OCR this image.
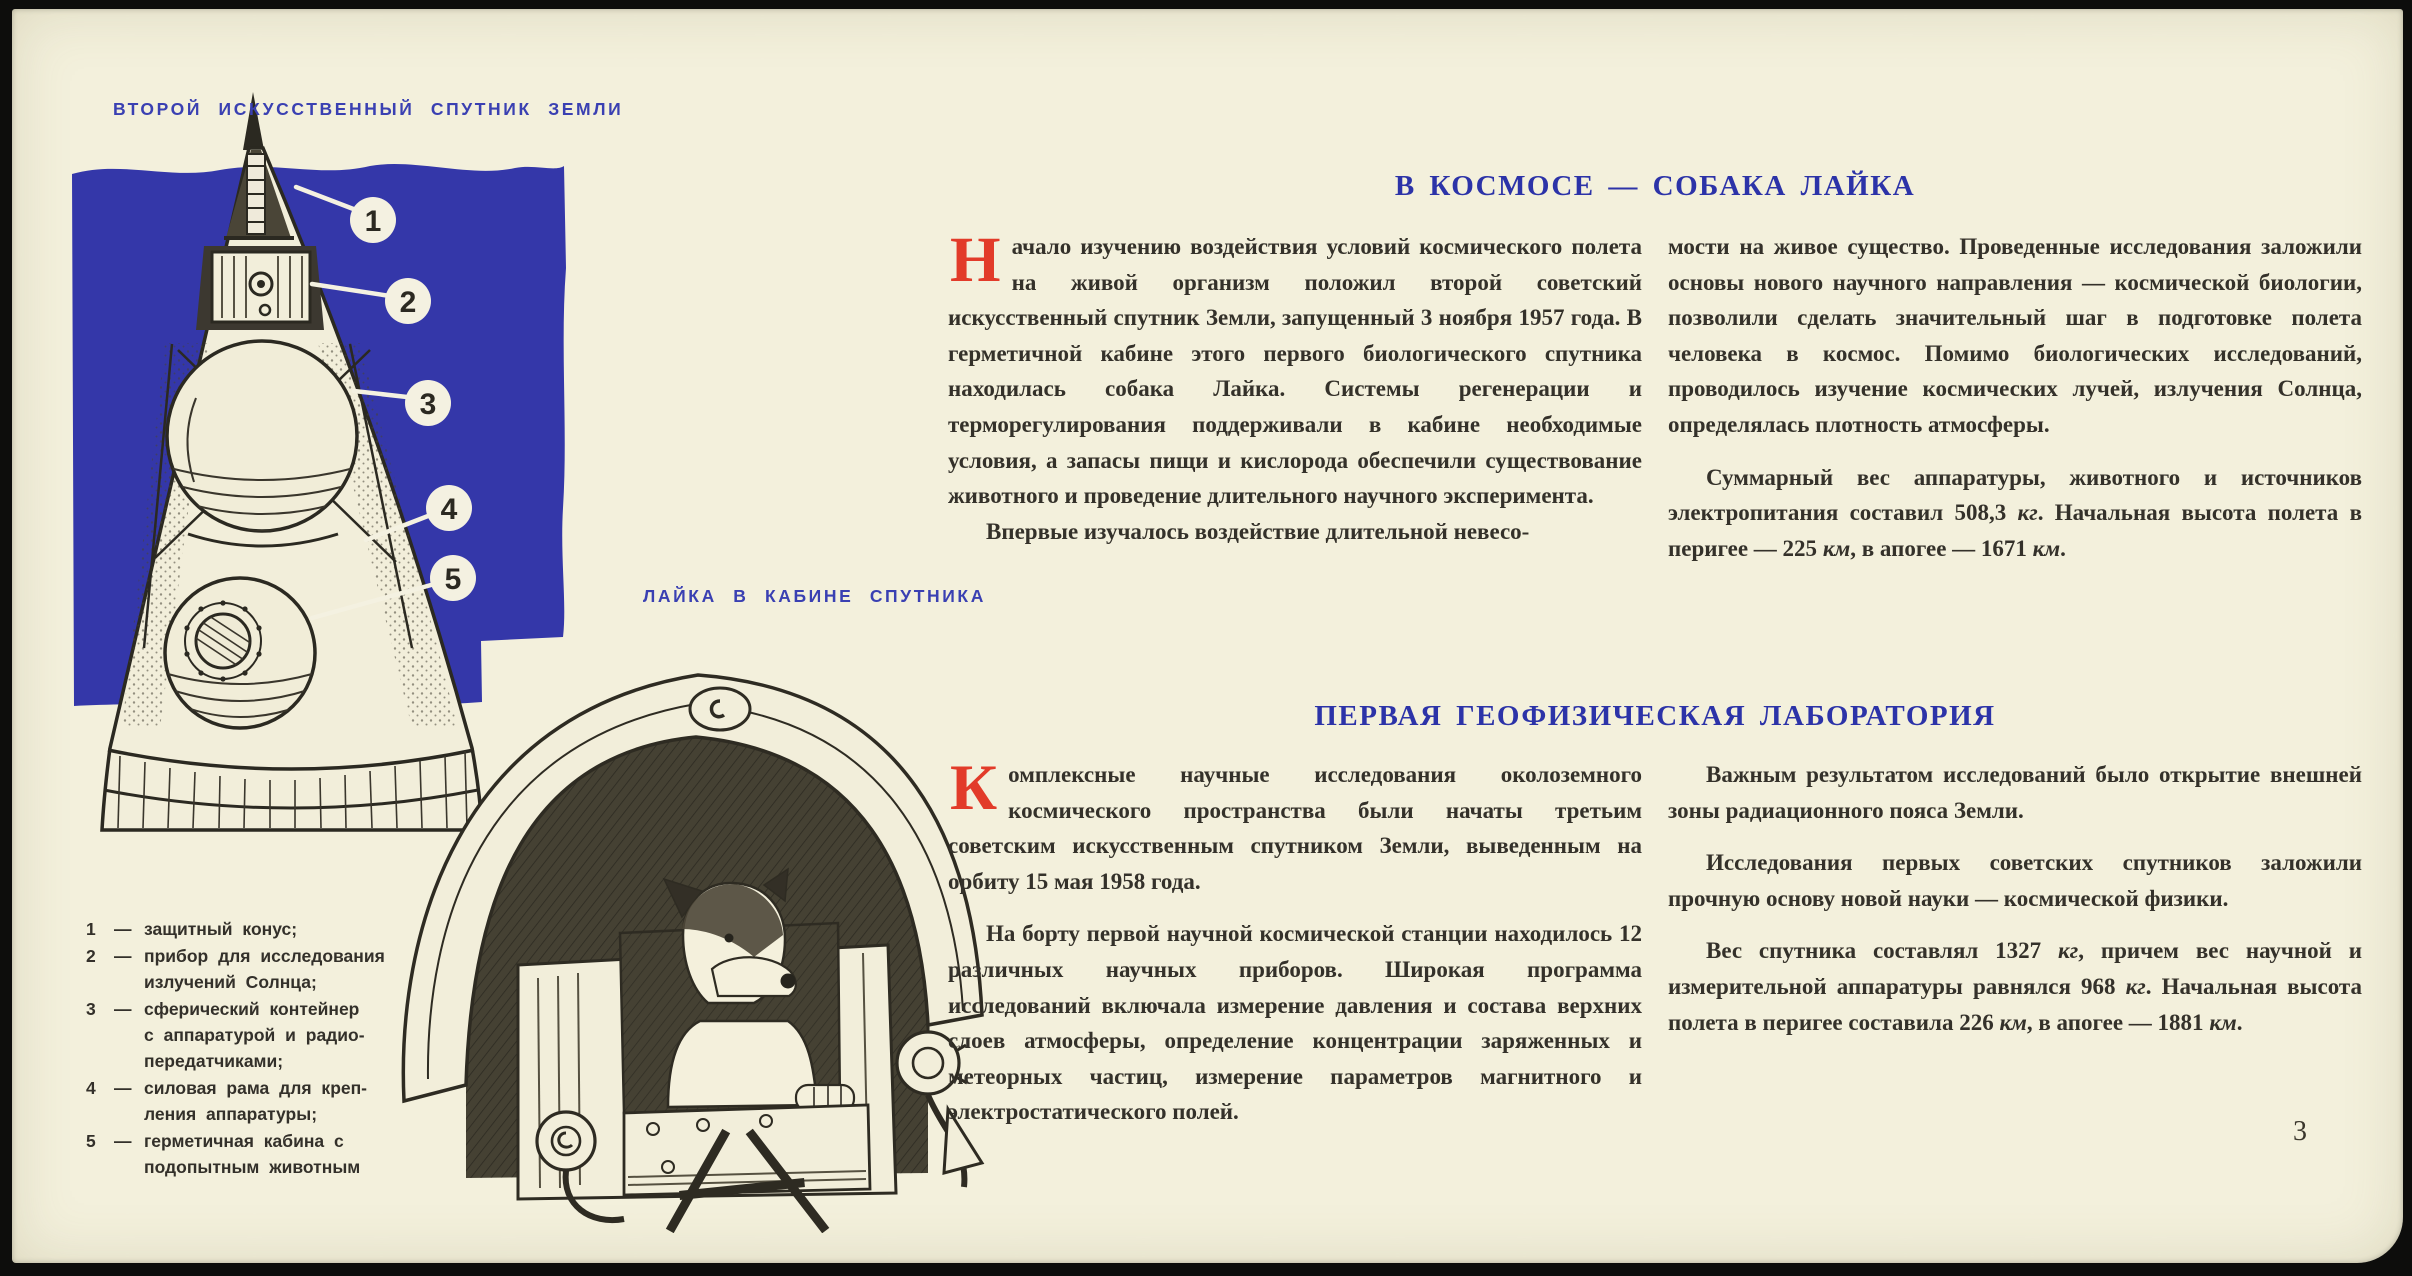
ВТОРОЙ ИСКУССТВЕННЫЙ СПУТНИК ЗЕМЛИ
1
2
3
4
5	ЛАЙКА В КАБИНЕ СПУТНИКА
1	— защитный конус;
2	— прибор для исследования
излучений Солнца;
3	— сферический контейнер
с аппаратурой и радио-
передатчиками;
4	— силовая рама для креп-
ления аппаратуры;
5	— герметичная кабина с
подопытным животным
В КОСМОСЕ — СОБАКА ЛАЙКА

Начало изучению воздействия условий космического полета на живой организм положил второй советский искусственный спутник Земли, запущенный 3 ноября 1957 года. В герметичной кабине этого первого биологического спутника находилась собака Лайка. Системы регенерации и терморегулирования поддерживали в кабине необходимые условия, а запасы пищи и кислорода обеспечили существование животного и проведение длительного научного эксперимента.

Впервые изучалось воздействие длительной невесо-

мости на живое существо. Проведенные исследования заложили основы нового научного направления — космической биологии, позволили сделать значительный шаг в подготовке полета человека в космос. Помимо биологических исследований, проводилось изучение космических лучей, излучения Солнца, определялась плотность атмосферы.

Суммарный вес аппаратуры, животного и источников электропитания составил 508,3 кг. Начальная высота полета в перигее — 225 км, в апогее — 1671 км.

ПЕРВАЯ ГЕОФИЗИЧЕСКАЯ ЛАБОРАТОРИЯ

Комплексные научные исследования околоземного космического пространства были начаты третьим советским искусственным спутником Земли, выведенным на орбиту 15 мая 1958 года.

На борту первой научной космической станции находилось 12 различных научных приборов. Широкая программа исследований включала измерение давления и состава верхних слоев атмосферы, определение концентрации заряженных и метеорных частиц, измерение параметров магнитного и электростатического полей.

Важным результатом исследований было открытие внешней зоны радиационного пояса Земли.

Исследования первых советских спутников заложили прочную основу новой науки — космической физики.

Вес спутника составлял 1327 кг, причем вес научной и измерительной аппаратуры равнялся 968 кг. Начальная высота полета в перигее составила 226 км, в апогее — 1881 км.

3
